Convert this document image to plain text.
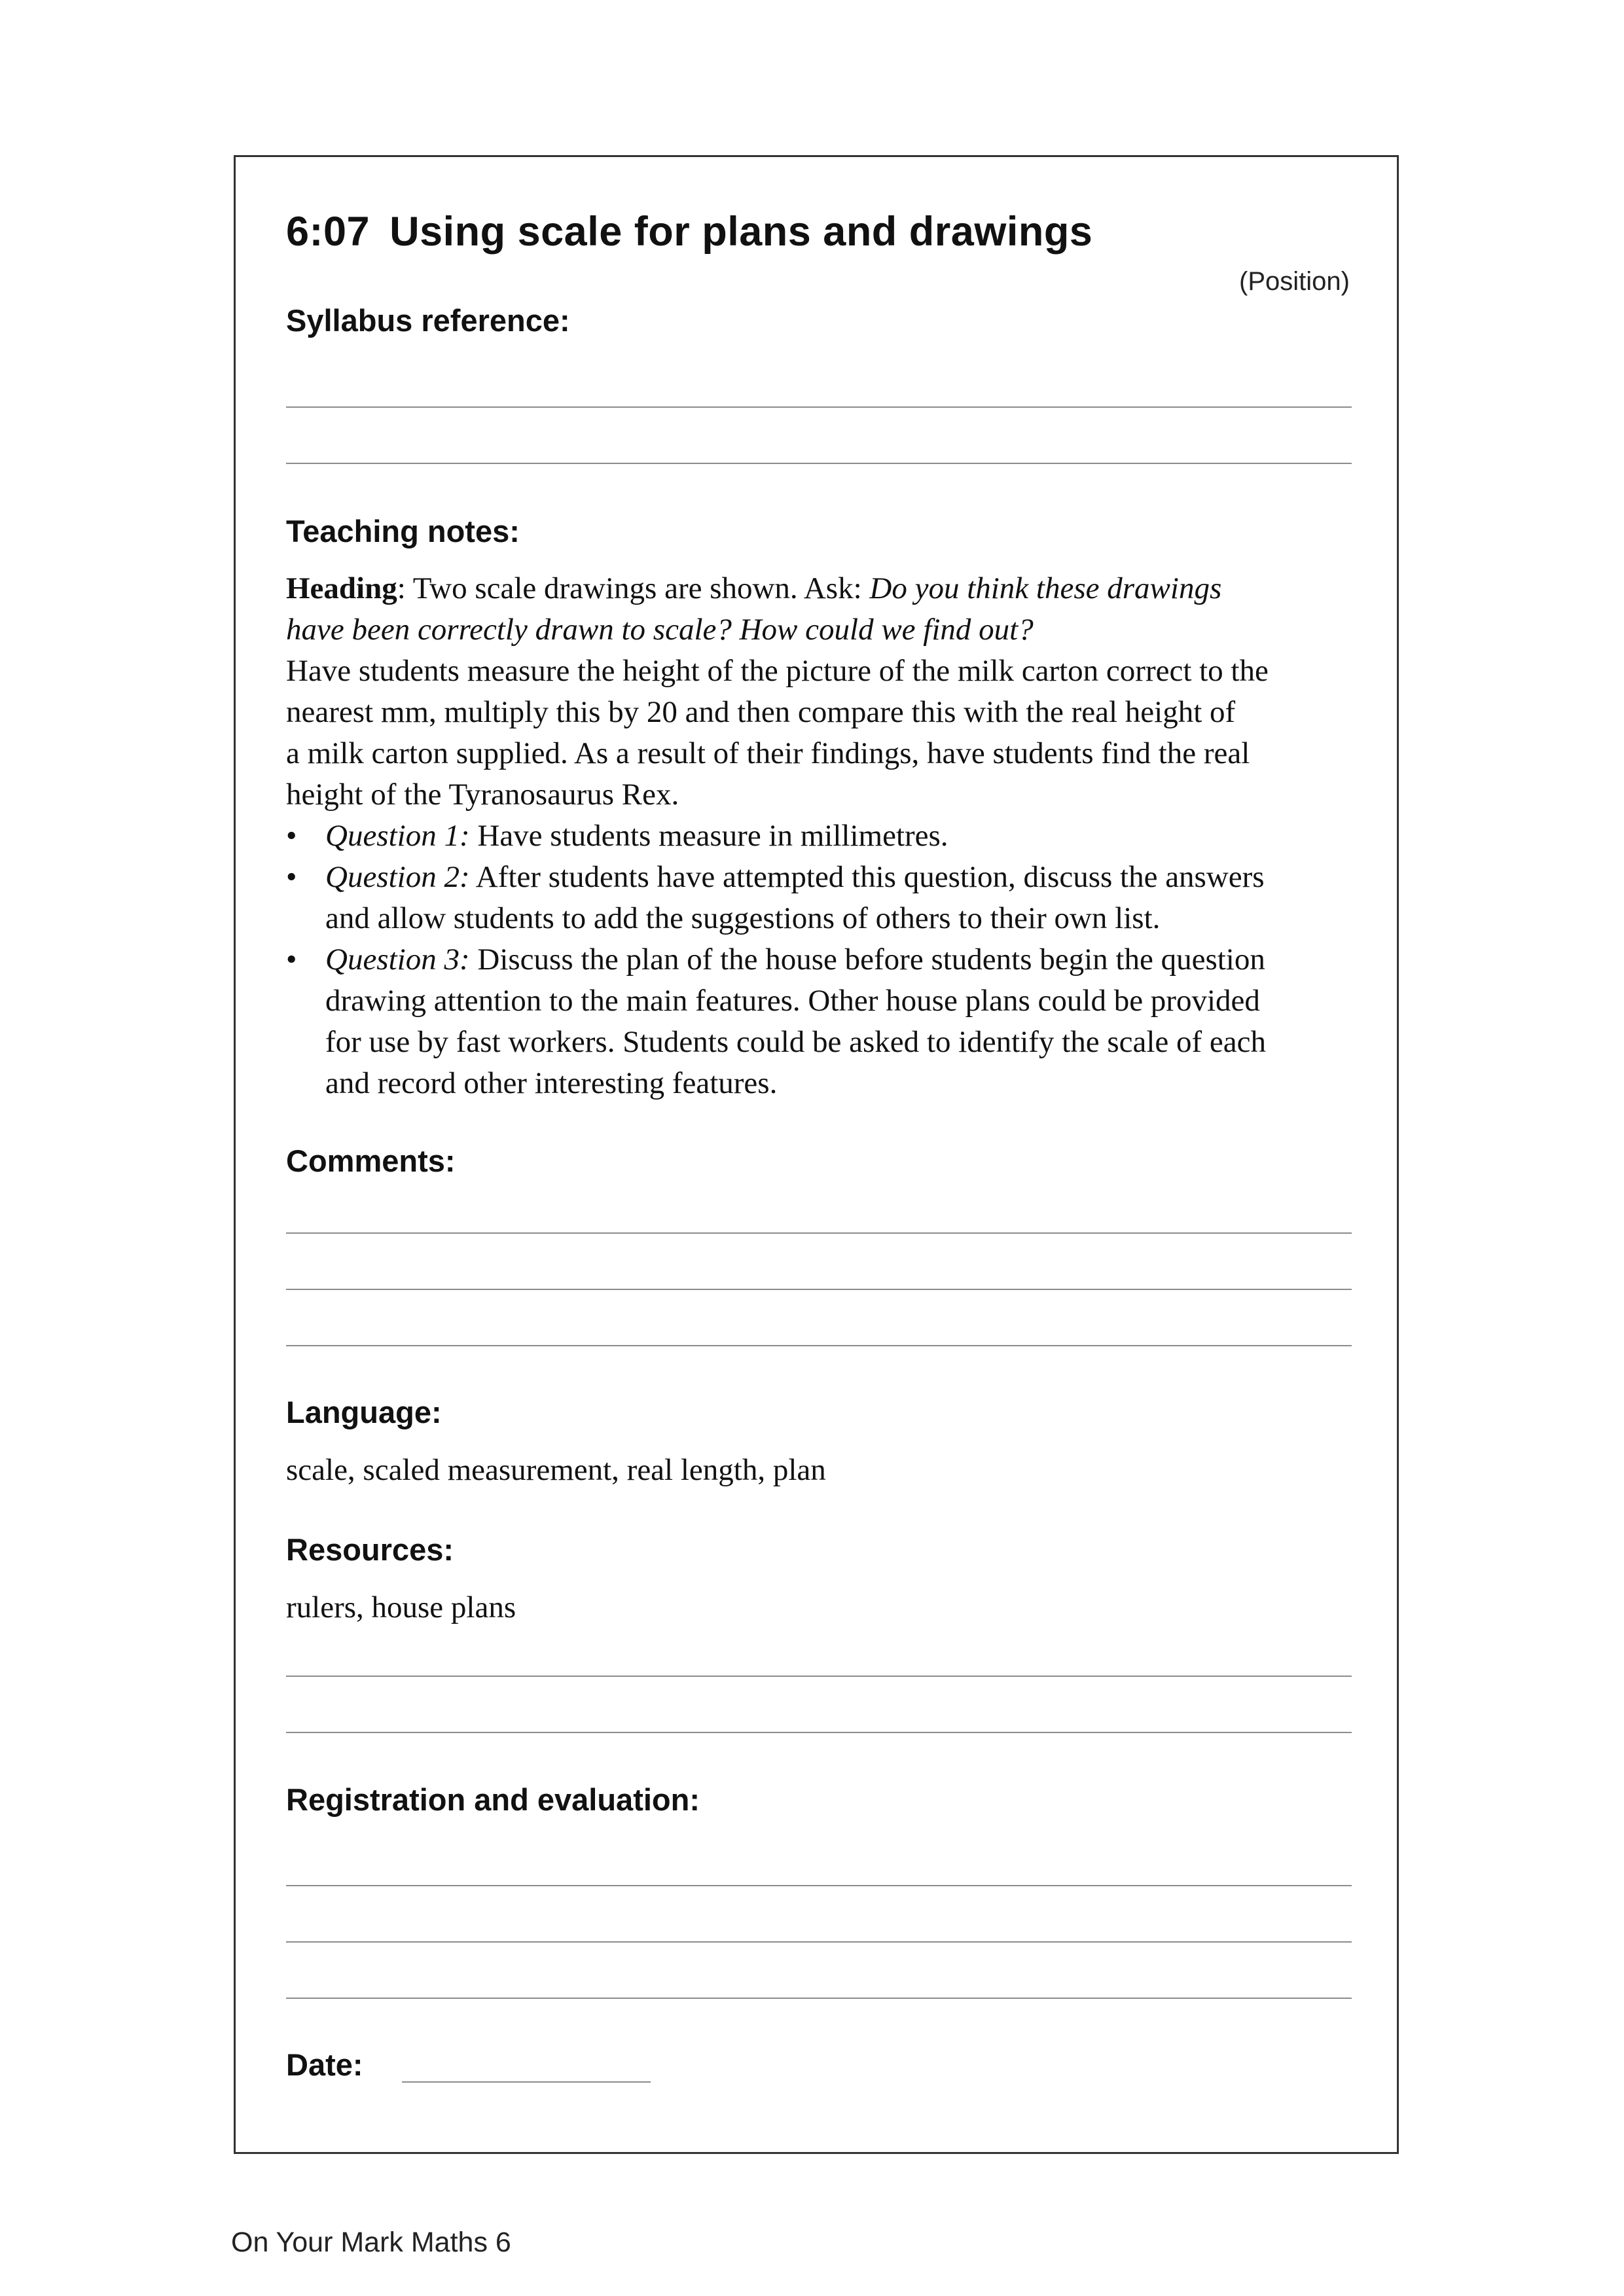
6:07 Using scale for plans and drawings
(Position)
Syllabus reference:
Teaching notes:

Heading: Two scale drawings are shown. Ask: Do you think these drawings

have been correctly drawn to scale? How could we find out?

Have students measure the height of the picture of the milk carton correct to the

nearest mm, multiply this by 20 and then compare this with the real height of

a milk carton supplied. As a result of their findings, have students find the real

height of the Tyranosaurus Rex.

• Question 1: Have students measure in millimetres.
• Question 2: After students have attempted this question, discuss the answers
and allow students to add the suggestions of others to their own list.
• Question 3: Discuss the plan of the house before students begin the question
drawing attention to the main features. Other house plans could be provided
for use by fast workers. Students could be asked to identify the scale of each
and record other interesting features.
Comments:
Language:
scale, scaled measurement, real length, plan
Resources:
rulers, house plans
Registration and evaluation:
Date:
On Your Mark Maths 6
